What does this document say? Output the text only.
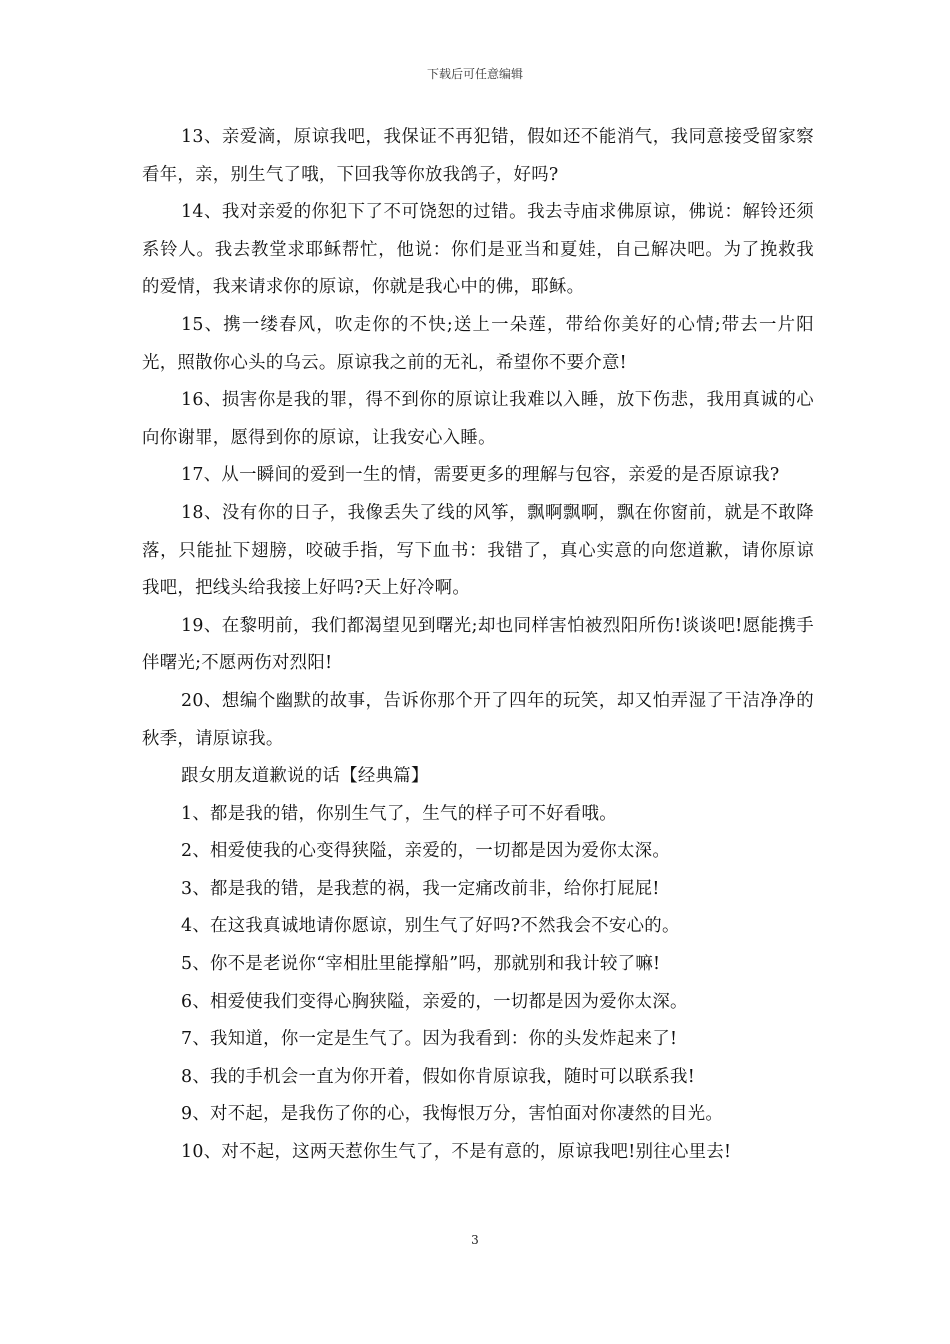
下载后可任意编辑

13、亲爱滴，原谅我吧，我保证不再犯错，假如还不能消气，我同意接受留家察看年，亲，别生气了哦，下回我等你放我鸽子，好吗?

14、我对亲爱的你犯下了不可饶恕的过错。我去寺庙求佛原谅，佛说：解铃还须系铃人。我去教堂求耶稣帮忙，他说：你们是亚当和夏娃，自己解决吧。为了挽救我的爱情，我来请求你的原谅，你就是我心中的佛，耶稣。

15、携一缕春风，吹走你的不快;送上一朵莲，带给你美好的心情;带去一片阳光，照散你心头的乌云。原谅我之前的无礼，希望你不要介意!

16、损害你是我的罪，得不到你的原谅让我难以入睡，放下伤悲，我用真诚的心向你谢罪，愿得到你的原谅，让我安心入睡。

17、从一瞬间的爱到一生的情，需要更多的理解与包容，亲爱的是否原谅我?

18、没有你的日子，我像丢失了线的风筝，飘啊飘啊，飘在你窗前，就是不敢降落，只能扯下翅膀，咬破手指，写下血书：我错了，真心实意的向您道歉，请你原谅我吧，把线头给我接上好吗?天上好冷啊。

19、在黎明前，我们都渴望见到曙光;却也同样害怕被烈阳所伤!谈谈吧!愿能携手伴曙光;不愿两伤对烈阳!

20、想编个幽默的故事，告诉你那个开了四年的玩笑，却又怕弄湿了干洁净净的秋季，请原谅我。

跟女朋友道歉说的话【经典篇】

1、都是我的错，你别生气了，生气的样子可不好看哦。

2、相爱使我的心变得狭隘，亲爱的，一切都是因为爱你太深。

3、都是我的错，是我惹的祸，我一定痛改前非，给你打屁屁!

4、在这我真诚地请你愿谅，别生气了好吗?不然我会不安心的。

5、你不是老说你“宰相肚里能撑船”吗，那就别和我计较了嘛!

6、相爱使我们变得心胸狭隘，亲爱的，一切都是因为爱你太深。

7、我知道，你一定是生气了。因为我看到：你的头发炸起来了!

8、我的手机会一直为你开着，假如你肯原谅我，随时可以联系我!

9、对不起，是我伤了你的心，我悔恨万分，害怕面对你凄然的目光。

10、对不起，这两天惹你生气了，不是有意的，原谅我吧!别往心里去!

3
